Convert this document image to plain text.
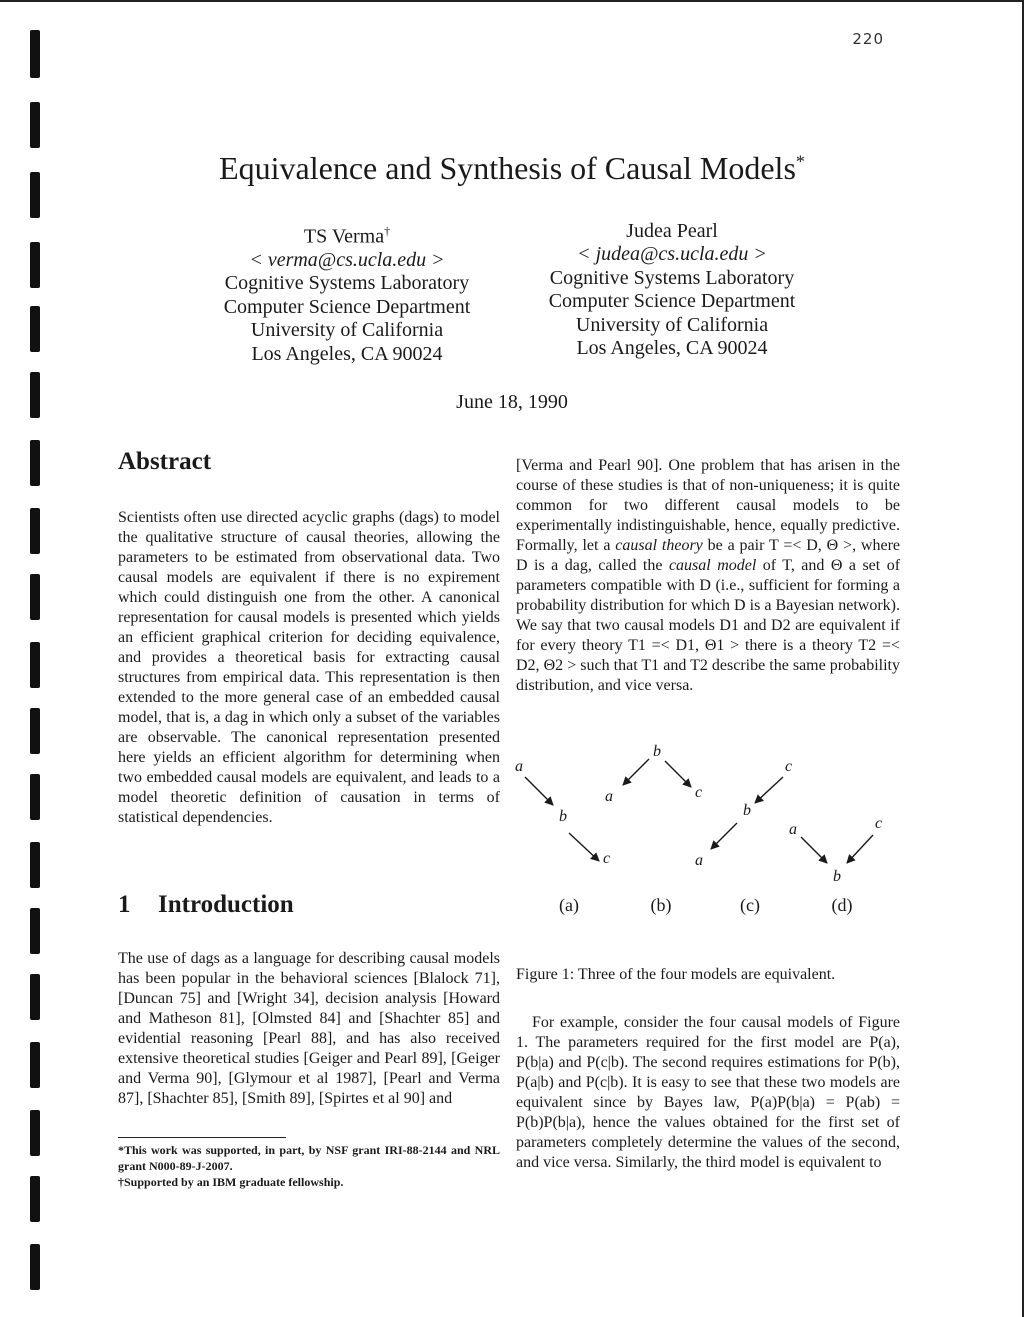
220
Equivalence and Synthesis of Causal Models*
TS Verma†
< verma@cs.ucla.edu >
Cognitive Systems Laboratory
Computer Science Department
University of California
Los Angeles, CA 90024
Judea Pearl
< judea@cs.ucla.edu >
Cognitive Systems Laboratory
Computer Science Department
University of California
Los Angeles, CA 90024
June 18, 1990
Abstract
Scientists often use directed acyclic graphs (dags) to model the qualitative structure of causal theories, allowing the parameters to be estimated from observational data. Two causal models are equivalent if there is no expirement which could distinguish one from the other. A canonical representation for causal models is presented which yields an efficient graphical criterion for deciding equivalence, and provides a theoretical basis for extracting causal structures from empirical data. This representation is then extended to the more general case of an embedded causal model, that is, a dag in which only a subset of the variables are observable. The canonical representation presented here yields an efficient algorithm for determining when two embedded causal models are equivalent, and leads to a model theoretic definition of causation in terms of statistical dependencies.
1 Introduction
The use of dags as a language for describing causal models has been popular in the behavioral sciences [Blalock 71], [Duncan 75] and [Wright 34], decision analysis [Howard and Matheson 81], [Olmsted 84] and [Shachter 85] and evidential reasoning [Pearl 88], and has also received extensive theoretical studies [Geiger and Pearl 89], [Geiger and Verma 90], [Glymour et al 1987], [Pearl and Verma 87], [Shachter 85], [Smith 89], [Spirtes et al 90] and
*This work was supported, in part, by NSF grant IRI-88-2144 and NRL grant N000-89-J-2007.
†Supported by an IBM graduate fellowship.
[Verma and Pearl 90]. One problem that has arisen in the course of these studies is that of non-uniqueness; it is quite common for two different causal models to be experimentally indistinguishable, hence, equally predictive. Formally, let a causal theory be a pair T =< D, Θ >, where D is a dag, called the causal model of T, and Θ a set of parameters compatible with D (i.e., sufficient for forming a probability distribution for which D is a Bayesian network). We say that two causal models D1 and D2 are equivalent if for every theory T1 =< D1, Θ1 > there is a theory T2 =< D2, Θ2 > such that T1 and T2 describe the same probability distribution, and vice versa.
a
b
c
b
a	c
c
b
a
a	c
b
(a)	(b)	(c)	(d)
Figure 1: Three of the four models are equivalent.
For example, consider the four causal models of Figure 1. The parameters required for the first model are P(a), P(b|a) and P(c|b). The second requires estimations for P(b), P(a|b) and P(c|b). It is easy to see that these two models are equivalent since by Bayes law, P(a)P(b|a) = P(ab) = P(b)P(b|a), hence the values obtained for the first set of parameters completely determine the values of the second, and vice versa. Similarly, the third model is equivalent to
